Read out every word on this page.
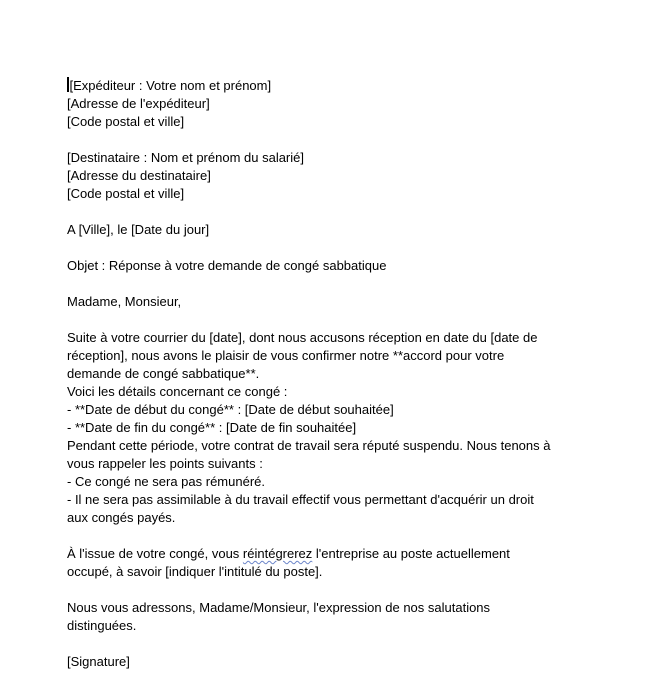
[Expéditeur : Votre nom et prénom]
[Adresse de l'expéditeur]
[Code postal et ville]
[Destinataire : Nom et prénom du salarié]
[Adresse du destinataire]
[Code postal et ville]
A [Ville], le [Date du jour]
Objet : Réponse à votre demande de congé sabbatique
Madame, Monsieur,
Suite à votre courrier du [date], dont nous accusons réception en date du [date de
réception], nous avons le plaisir de vous confirmer notre **accord pour votre
demande de congé sabbatique**.
Voici les détails concernant ce congé :
- **Date de début du congé** : [Date de début souhaitée]
- **Date de fin du congé** : [Date de fin souhaitée]
Pendant cette période, votre contrat de travail sera réputé suspendu. Nous tenons à
vous rappeler les points suivants :
- Ce congé ne sera pas rémunéré.
- Il ne sera pas assimilable à du travail effectif vous permettant d'acquérir un droit
aux congés payés.
À l'issue de votre congé, vous réintégrerez l'entreprise au poste actuellement
occupé, à savoir [indiquer l'intitulé du poste].
Nous vous adressons, Madame/Monsieur, l'expression de nos salutations
distinguées.
[Signature]
